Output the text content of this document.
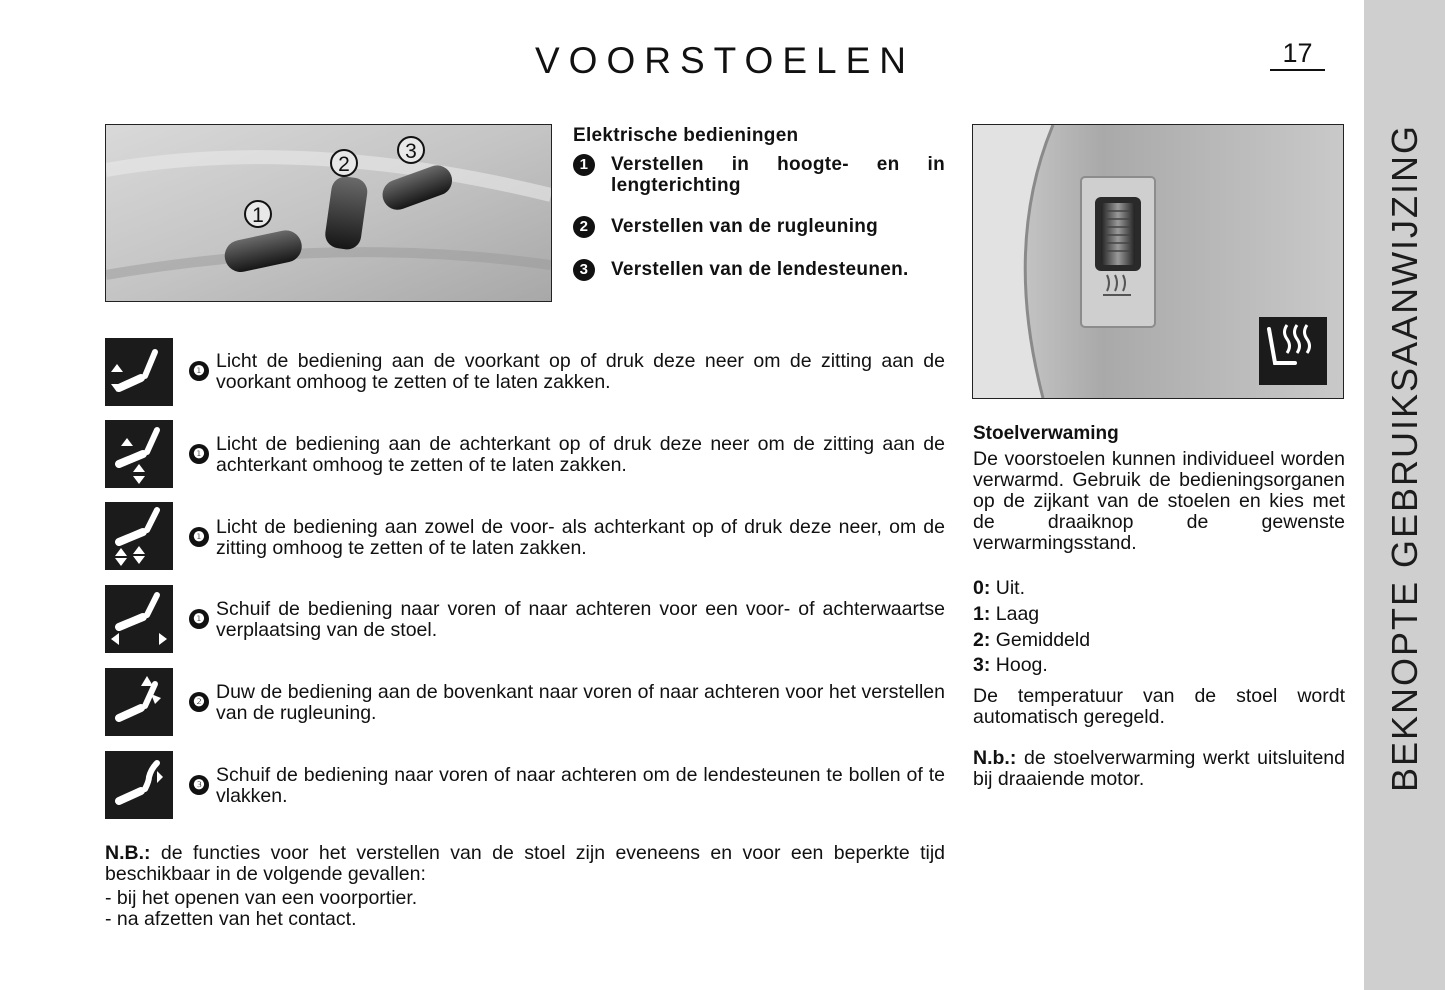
VOORSTOELEN	17
BEKNOPTE GEBRUIKSAANWIJZING
1
2
3
Elektrische bedieningen
1	Verstellen in hoogte- en in lengterichting
2	Verstellen van de rugleuning
3	Verstellen van de lendesteunen.
❶ Licht de bediening aan de voorkant op of druk deze neer om de zitting aan de voorkant omhoog te zetten of te laten zakken.
❶ Licht de bediening aan de achterkant op of druk deze neer om de zitting aan de achterkant omhoog te zetten of te laten zakken.
❶ Licht de bediening aan zowel de voor- als achterkant op of druk deze neer, om de zitting omhoog te zetten of te laten zakken.
❶ Schuif de bediening naar voren of naar achteren voor een voor- of achterwaartse verplaatsing van de stoel.
❷ Duw de bediening aan de bovenkant naar voren of naar achteren voor het verstellen van de rugleuning.
❸ Schuif de bediening naar voren of naar achteren om de lendesteunen te bollen of te vlakken.
N.B.: de functies voor het verstellen van de stoel zijn eveneens en voor een beperkte tijd beschikbaar in de volgende gevallen:
- bij het openen van een voorportier.
- na afzetten van het contact.
Stoelverwaming
De voorstoelen kunnen individueel worden verwarmd. Gebruik de bedieningsorganen op de zijkant van de stoelen en kies met de draaiknop de gewenste verwarmingsstand.
0: Uit.
1: Laag
2: Gemiddeld
3: Hoog.
De temperatuur van de stoel wordt automatisch geregeld.
N.b.: de stoelverwarming werkt uitsluitend bij draaiende motor.
